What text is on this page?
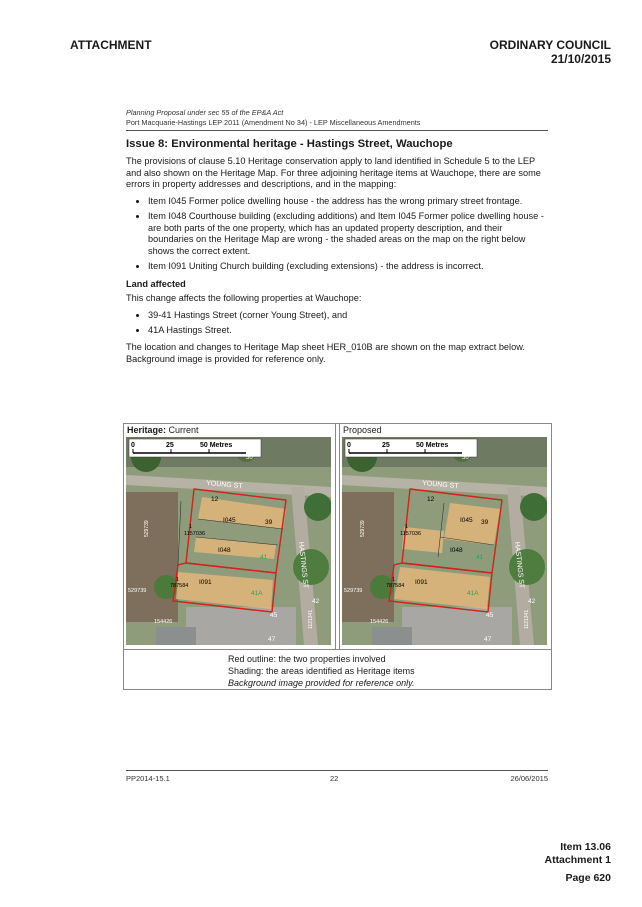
ATTACHMENT	ORDINARY COUNCIL
21/10/2015
Planning Proposal under sec 55 of the EP&A Act
Port Macquarie-Hastings LEP 2011 (Amendment No 34) - LEP Miscellaneous Amendments
Issue 8: Environmental heritage - Hastings Street, Wauchope
The provisions of clause 5.10 Heritage conservation apply to land identified in Schedule 5 to the LEP and also shown on the Heritage Map. For three adjoining heritage items at Wauchope, there are some errors in property addresses and descriptions, and in the mapping:
• Item I045 Former police dwelling house - the address has the wrong primary street frontage.
• Item I048 Courthouse building (excluding additions) and Item I045 Former police dwelling house - are both parts of the one property, which has an updated property description, and their boundaries on the Heritage Map are wrong - the shaded areas on the map on the right below shows the correct extent.
• Item I091 Uniting Church building (excluding extensions) - the address is incorrect.
Land affected
This change affects the following properties at Wauchope:
• 39-41 Hastings Street (corner Young Street), and
• 41A Hastings Street.
The location and changes to Heritage Map sheet HER_010B are shown on the map extract below. Background image is provided for reference only.
Heritage: Current
0	25	50 Metres
50
YOUNG ST
HASTINGS ST
12
I045	39
1
1157036
I048
41
1
787584 I091
41A
45
42
47
154426
529739
1121341
529739
Proposed
0	25	50 Metres
50
YOUNG ST
HASTINGS ST
12
I045 39
1
1157036
I048
41
1
787584 I091
41A
45
42
47
154426
529739
1121341
529739
Red outline: the two properties involved
Shading: the areas identified as Heritage items
Background image provided for reference only.
PP2014-15.1	22	26/06/2015
Item 13.06
Attachment 1
Page 620
